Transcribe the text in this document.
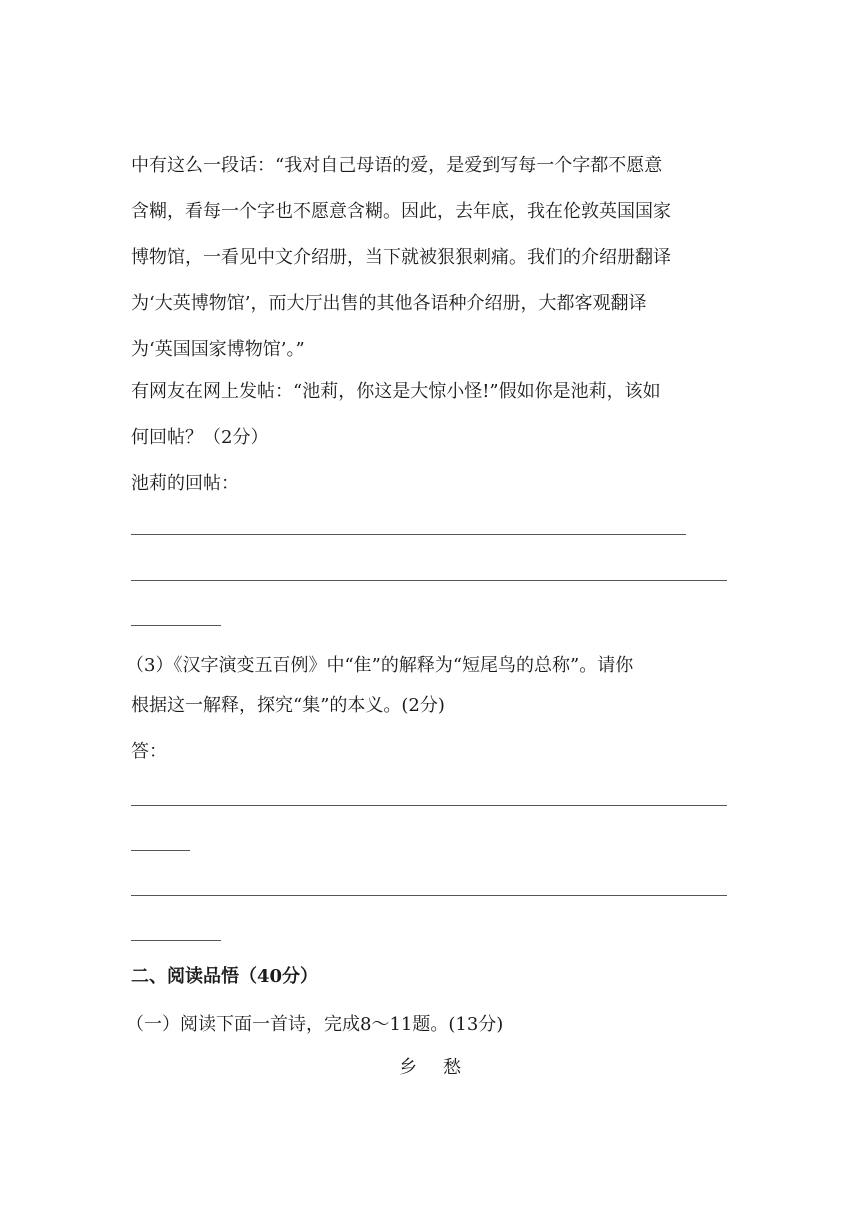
中有这么一段话：“我对自己母语的爱，是爱到写每一个字都不愿意
含糊，看每一个字也不愿意含糊。因此，去年底，我在伦敦英国国家
博物馆，一看见中文介绍册，当下就被狠狠刺痛。我们的介绍册翻译
为‘大英博物馆’，而大厅出售的其他各语种介绍册，大都客观翻译
为‘英国国家博物馆’。”
有网友在网上发帖：“池莉，你这是大惊小怪!”假如你是池莉，该如
何回帖？（2分）
池莉的回帖：
（3）《汉字演变五百例》中“隹”的解释为“短尾鸟的总称”。请你
根据这一解释，探究“集”的本义。(2分)
答：
二、阅读品悟（40分）
（一）阅读下面一首诗，完成8～11题。(13分)
乡愁
